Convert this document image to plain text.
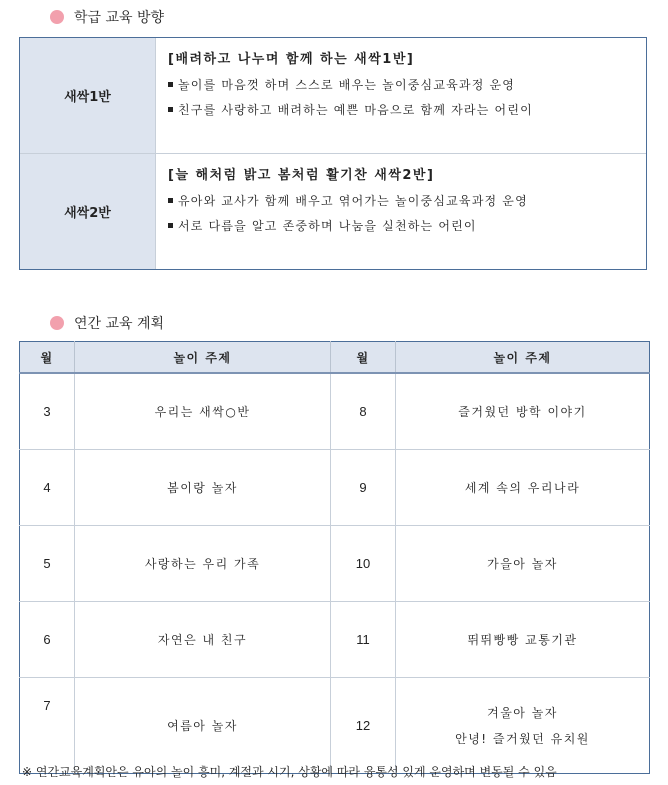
학급 교육 방향
새싹1반
[배려하고 나누며 함께 하는 새싹1반]
놀이를 마음껏 하며 스스로 배우는 놀이중심교육과정 운영
친구를 사랑하고 배려하는 예쁜 마음으로 함께 자라는 어린이
새싹2반
[늘 해처럼 밝고 봄처럼 활기찬 새싹2반]
유아와 교사가 함께 배우고 엮어가는 놀이중심교육과정 운영
서로 다름을 알고 존중하며 나눔을 실천하는 어린이
연간 교육 계획
월	놀이 주제	월	놀이 주제
3	우리는 새싹○반	8	즐거웠던 방학 이야기

4	봄이랑 놀자	9	세계 속의 우리나라

5	사랑하는 우리 가족	10	가을아 놀자

6	자연은 내 친구	11	뛰뛰빵빵 교통기관

7	여름아 놀자	12	겨울아 놀자
안녕! 즐거웠던 유치원
※ 연간교육계획안은 유아의 놀이 흥미, 계절과 시기, 상황에 따라 융통성 있게 운영하며 변동될 수 있음
